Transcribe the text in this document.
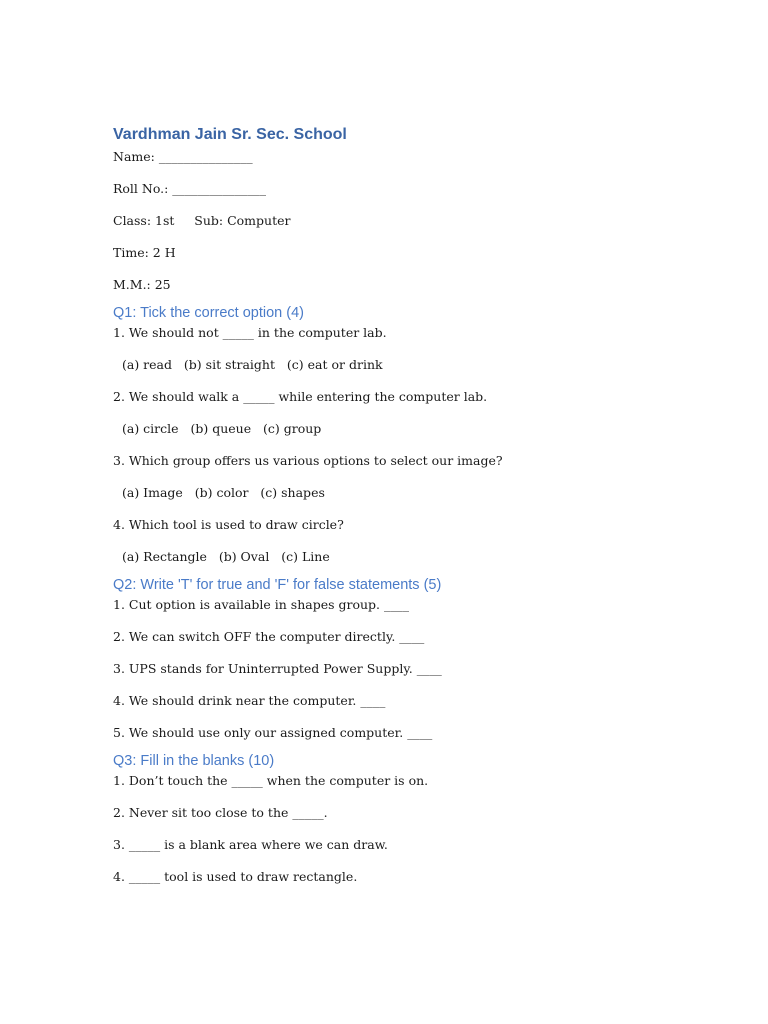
Vardhman Jain Sr. Sec. School
Name: _______________
Roll No.: _______________
Class: 1st     Sub: Computer
Time: 2 H
M.M.: 25
Q1: Tick the correct option (4)
1. We should not _____ in the computer lab.
(a) read   (b) sit straight   (c) eat or drink
2. We should walk a _____ while entering the computer lab.
(a) circle   (b) queue   (c) group
3. Which group offers us various options to select our image?
(a) Image   (b) color   (c) shapes
4. Which tool is used to draw circle?
(a) Rectangle   (b) Oval   (c) Line
Q2: Write 'T' for true and 'F' for false statements (5)
1. Cut option is available in shapes group. ____
2. We can switch OFF the computer directly. ____
3. UPS stands for Uninterrupted Power Supply. ____
4. We should drink near the computer. ____
5. We should use only our assigned computer. ____
Q3: Fill in the blanks (10)
1. Don’t touch the _____ when the computer is on.
2. Never sit too close to the _____.
3. _____ is a blank area where we can draw.
4. _____ tool is used to draw rectangle.
